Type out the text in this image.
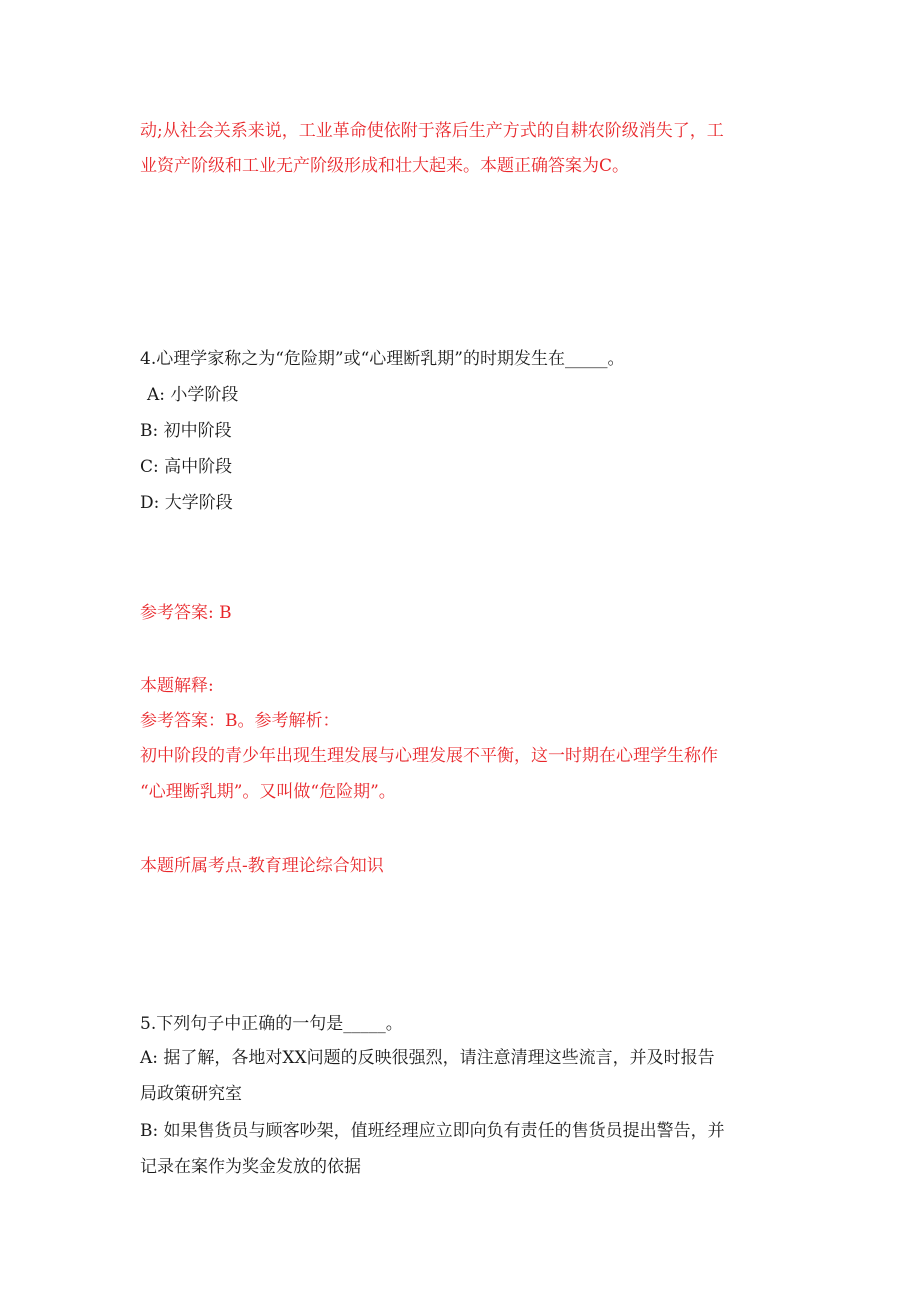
动;从社会关系来说，工业革命使依附于落后生产方式的自耕农阶级消失了，工
业资产阶级和工业无产阶级形成和壮大起来。本题正确答案为C。
4.心理学家称之为“危险期”或“心理断乳期”的时期发生在_____。
A: 小学阶段
B: 初中阶段
C: 高中阶段
D: 大学阶段
参考答案: B
本题解释:
参考答案：B。参考解析：
初中阶段的青少年出现生理发展与心理发展不平衡，这一时期在心理学生称作
“心理断乳期”。又叫做“危险期”。
本题所属考点-教育理论综合知识
5.下列句子中正确的一句是_____。
A: 据了解，各地对XX问题的反映很强烈，请注意清理这些流言，并及时报告
局政策研究室
B: 如果售货员与顾客吵架，值班经理应立即向负有责任的售货员提出警告，并
记录在案作为奖金发放的依据
